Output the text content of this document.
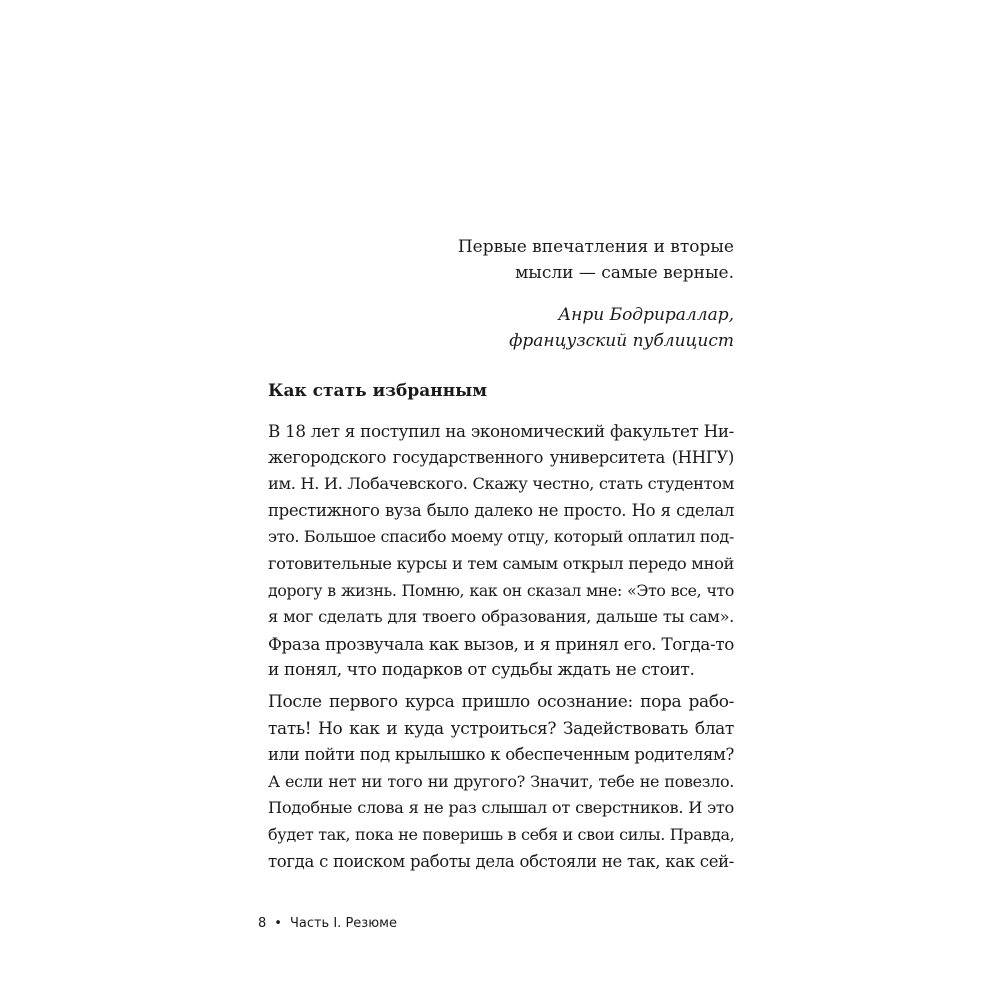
Первые впечатления и вторые
мысли — самые верные.
Анри Бодрираллар,
французский публицист
Как стать избранным
В 18 лет я поступил на экономический факультет Ни-
жегородского государственного университета (ННГУ)
им. Н. И. Лобачевского. Скажу честно, стать студентом
престижного вуза было далеко не просто. Но я сделал
это. Большое спасибо моему отцу, который оплатил под-
готовительные курсы и тем самым открыл передо мной
дорогу в жизнь. Помню, как он сказал мне: «Это все, что
я мог сделать для твоего образования, дальше ты сам».
Фраза прозвучала как вызов, и я принял его. Тогда-то
и понял, что подарков от судьбы ждать не стоит.
После первого курса пришло осознание: пора рабо-
тать! Но как и куда устроиться? Задействовать блат
или пойти под крылышко к обеспеченным родителям?
А если нет ни того ни другого? Значит, тебе не повезло.
Подобные слова я не раз слышал от сверстников. И это
будет так, пока не поверишь в себя и свои силы. Правда,
тогда с поиском работы дела обстояли не так, как сей-
8 • Часть I. Резюме
